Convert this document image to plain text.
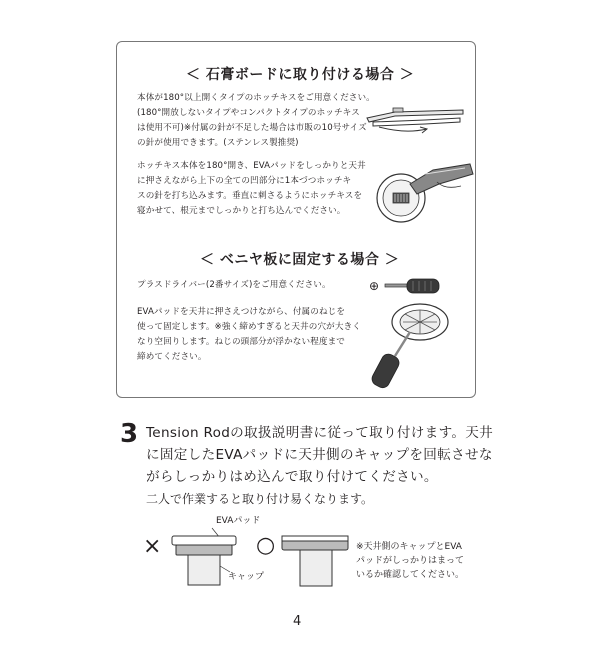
＜ 石膏ボードに取り付ける場合 ＞
本体が180°以上開くタイプのホッチキスをご用意ください。
(180°開放しないタイプやコンパクトタイプのホッチキス
は使用不可)※付属の針が不足した場合は市販の10号サイズ
の針が使用できます。(ステンレス製推奨)
ホッチキス本体を180°開き、EVAパッドをしっかりと天井
に押さえながら上下の全ての凹部分に1本づつホッチキ
スの針を打ち込みます。垂直に刺さるようにホッチキスを
寝かせて、根元までしっかりと打ち込んでください。
＜ ベニヤ板に固定する場合 ＞
プラスドライバー(2番サイズ)をご用意ください。
EVAパッドを天井に押さえつけながら、付属のねじを
使って固定します。※強く締めすぎると天井の穴が大きく
なり空回りします。ねじの頭部分が浮かない程度まで
締めてください。
⊕
3 Tension Rodの取扱説明書に従って取り付けます。天井
に固定したEVAパッドに天井側のキャップを回転させな
がらしっかりはめ込んで取り付けてください。
二人で作業すると取り付け易くなります。
×
EVAパッド
キャップ
○	※天井側のキャップとEVA
パッドがしっかりはまって
いるか確認してください。
4
